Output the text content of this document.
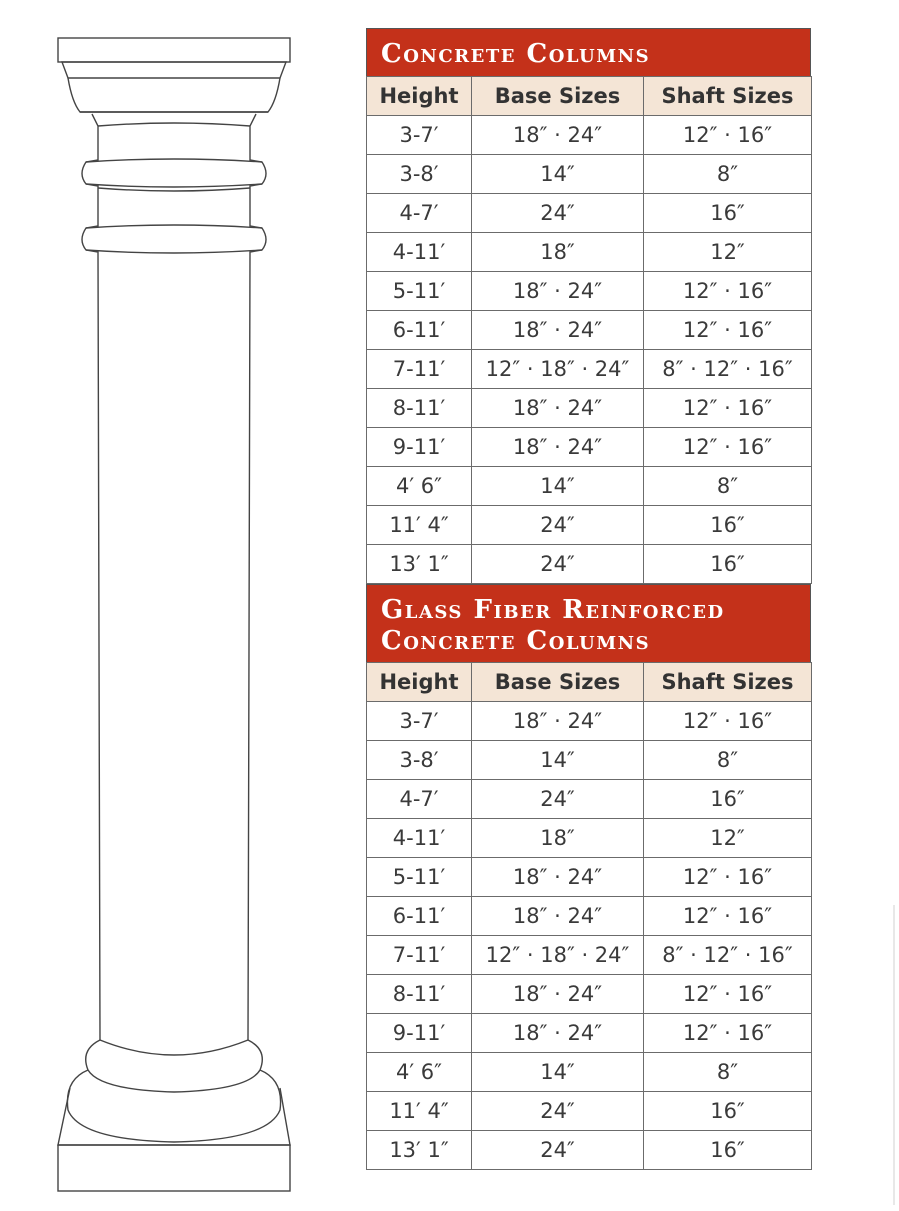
Concrete Columns
Height	Base Sizes	Shaft Sizes
3-7′	18″ · 24″	12″ · 16″
3-8′	14″	8″
4-7′	24″	16″
4-11′	18″	12″
5-11′	18″ · 24″	12″ · 16″
6-11′	18″ · 24″	12″ · 16″
7-11′	12″ · 18″ · 24″	8″ · 12″ · 16″
8-11′	18″ · 24″	12″ · 16″
9-11′	18″ · 24″	12″ · 16″
4′ 6″	14″	8″
11′ 4″	24″	16″
13′ 1″	24″	16″
Glass Fiber Reinforced
Concrete Columns
Height	Base Sizes	Shaft Sizes
3-7′	18″ · 24″	12″ · 16″
3-8′	14″	8″
4-7′	24″	16″
4-11′	18″	12″
5-11′	18″ · 24″	12″ · 16″
6-11′	18″ · 24″	12″ · 16″
7-11′	12″ · 18″ · 24″	8″ · 12″ · 16″
8-11′	18″ · 24″	12″ · 16″
9-11′	18″ · 24″	12″ · 16″
4′ 6″	14″	8″
11′ 4″	24″	16″
13′ 1″	24″	16″
